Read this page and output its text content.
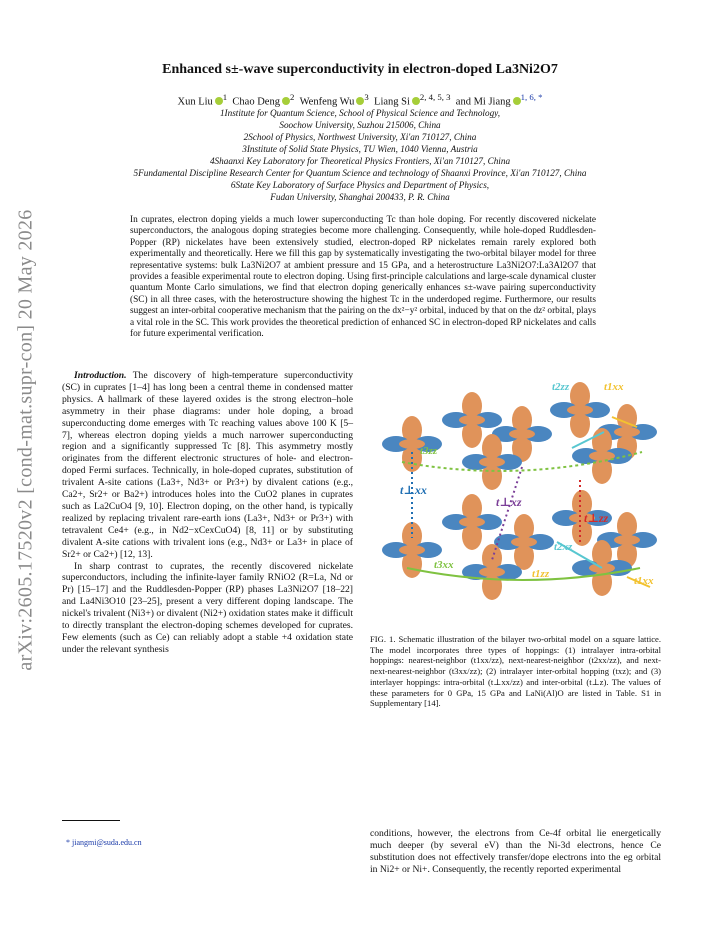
arXiv:2605.17520v2 [cond-mat.supr-con] 20 May 2026
Enhanced s±-wave superconductivity in electron-doped La3Ni2O7
Xun Liu $^1$ Chao Deng $^2$ Wenfeng Wu $^3$ Liang Si $^{2, 4, 5, 3}$  and Mi Jiang $^{1, 6, *}$
1Institute for Quantum Science, School of Physical Science and Technology,
Soochow University, Suzhou 215006, China
2School of Physics, Northwest University, Xi'an 710127, China
3Institute of Solid State Physics, TU Wien, 1040 Vienna, Austria
4Shaanxi Key Laboratory for Theoretical Physics Frontiers, Xi'an 710127, China
5Fundamental Discipline Research Center for Quantum Science and technology of Shaanxi Province, Xi'an 710127, China
6State Key Laboratory of Surface Physics and Department of Physics,
Fudan University, Shanghai 200433, P. R. China
In cuprates, electron doping yields a much lower superconducting Tc than hole doping. For recently discovered nickelate superconductors, the analogous doping strategies become more challenging. Consequently, while hole-doped Ruddlesden-Popper (RP) nickelates have been extensively studied, electron-doped RP nickelates remain rarely explored both experimentally and theoretically. Here we fill this gap by systematically investigating the two-orbital bilayer model for three representative systems: bulk La3Ni2O7 at ambient pressure and 15 GPa, and a heterostructure La3Ni2O7:La3Al2O7 that provides a feasible experimental route to electron doping. Using first-principle calculations and large-scale dynamical cluster quantum Monte Carlo simulations, we find that electron doping generically enhances s±-wave pairing superconductivity (SC) in all three cases, with the heterostructure showing the highest Tc in the underdoped regime. Furthermore, our results suggest an inter-orbital cooperative mechanism that the pairing on the dx²−y² orbital, induced by that on the dz² orbital, plays a vital role in the SC. This work provides the theoretical prediction of enhanced SC in electron-doped RP nickelates and calls for future experimental verification.

Introduction. The discovery of high-temperature superconductivity (SC) in cuprates [1–4] has long been a central theme in condensed matter physics. A hallmark of these layered oxides is the strong electron–hole asymmetry in their phase diagrams: under hole doping, a broad superconducting dome emerges with Tc reaching values above 100 K [5–7], whereas electron doping yields a much narrower superconducting region and a significantly suppressed Tc [8]. This asymmetry mostly originates from the different electronic structures of hole- and electron-doped Fermi surfaces. Technically, in hole-doped cuprates, substitution of trivalent A-site cations (La3+, Nd3+ or Pr3+) by divalent cations (e.g., Ca2+, Sr2+ or Ba2+) introduces holes into the CuO2 planes in cuprates such as La2CuO4 [9, 10]. Electron doping, on the other hand, is typically realized by replacing trivalent rare-earth ions (La3+, Nd3+ or Pr3+) with tetravalent Ce4+ (e.g., in Nd2−xCexCuO4) [8, 11] or by substituting divalent A-site cations with trivalent ions (e.g., Nd3+ or La3+ in place of Sr2+ or Ca2+) [12, 13].

In sharp contrast to cuprates, the recently discovered nickelate superconductors, including the infinite-layer family RNiO2 (R=La, Nd or Pr) [15–17] and the Ruddlesden-Popper (RP) phases La3Ni2O7 [18–22] and La4Ni3O10 [23–25], present a very different doping landscape. The nickel's trivalent (Ni3+) or divalent (Ni2+) oxidation states make it difficult to directly transplant the electron-doping schemes developed for cuprates. Few elements (such as Ce) can reliably adopt a stable +4 oxidation state under the relevant synthesis

t3zz
t⊥xx
t⊥xz
t⊥zz
t2zz	t1xx
t3xx
t1zz
t2xz
t1xx
FIG. 1. Schematic illustration of the bilayer two-orbital model on a square lattice. The model incorporates three types of hoppings: (1) intralayer intra-orbital hoppings: nearest-neighbor (t1xx/zz), next-nearest-neighbor (t2xx/zz), and next-next-nearest-neighbor (t3xx/zz); (2) intralayer inter-orbital hopping (txz); and (3) interlayer hoppings: intra-orbital (t⊥xx/zz) and inter-orbital (t⊥z). The values of these parameters for 0 GPa, 15 GPa and LaNi(Al)O are listed in Table. S1 in Supplementary [14].
conditions, however, the electrons from Ce-4f orbital lie energetically much deeper (by several eV) than the Ni-3d electrons, hence Ce substitution does not effectively transfer/dope electrons into the eg orbital in Ni2+ or Ni+. Consequently, the recently reported experimental
* jiangmi@suda.edu.cn
